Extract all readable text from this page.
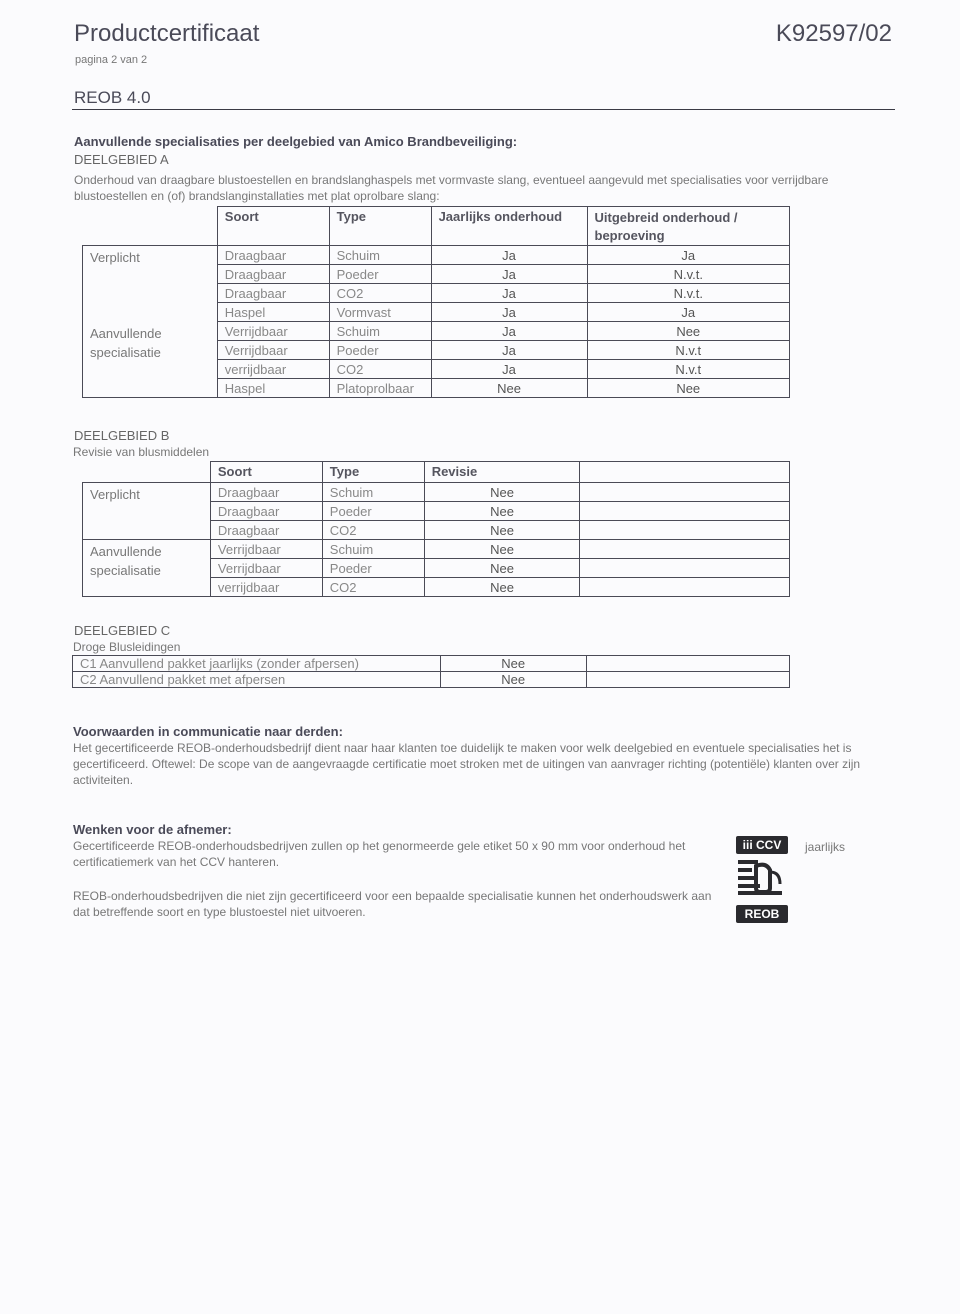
Productcertificaat
pagina 2 van 2
K92597/02
REOB 4.0
Aanvullende specialisaties per deelgebied van Amico Brandbeveiliging:
DEELGEBIED A
Onderhoud van draagbare blustoestellen en brandslanghaspels met vormvaste slang, eventueel aangevuld met specialisaties voor verrijdbare blustoestellen en (of) brandslanginstallaties met plat oprolbare slang:
	Soort	Type	Jaarlijks onderhoud	Uitgebreid onderhoud / beproeving
Verplicht	Draagbaar	Schuim	Ja	Ja
	Draagbaar	Poeder	Ja	N.v.t.
	Draagbaar	CO2	Ja	N.v.t.
	Haspel	Vormvast	Ja	Ja
Aanvullende specialisatie	Verrijdbaar	Schuim	Ja	Nee
	Verrijdbaar	Poeder	Ja	N.v.t
	verrijdbaar	CO2	Ja	N.v.t
	Haspel	Platoprolbaar	Nee	Nee
DEELGEBIED B
Revisie van blusmiddelen
	Soort	Type	Revisie	
Verplicht	Draagbaar	Schuim	Nee	
	Draagbaar	Poeder	Nee	
	Draagbaar	CO2	Nee	
Aanvullende specialisatie	Verrijdbaar	Schuim	Nee	
	Verrijdbaar	Poeder	Nee	
	verrijdbaar	CO2	Nee	
DEELGEBIED C
Droge Blusleidingen
C1 Aanvullend pakket jaarlijks (zonder afpersen)	Nee	
C2 Aanvullend pakket met afpersen	Nee	
Voorwaarden in communicatie naar derden:
Het gecertificeerde REOB-onderhoudsbedrijf dient naar haar klanten toe duidelijk te maken voor welk deelgebied en eventuele specialisaties het is gecertificeerd. Oftewel: De scope van de aangevraagde certificatie moet stroken met de uitingen van aanvrager richting (potentiële) klanten over zijn activiteiten.
Wenken voor de afnemer:
Gecertificeerde REOB-onderhoudsbedrijven zullen op het genormeerde gele etiket 50 x 90 mm voor onderhoud het certificatiemerk van het CCV hanteren.
REOB-onderhoudsbedrijven die niet zijn gecertificeerd voor een bepaalde specialisatie kunnen het onderhoudswerk aan dat betreffende soort en type blustoestel niet uitvoeren.
iii CCV
REOB
jaarlijks
